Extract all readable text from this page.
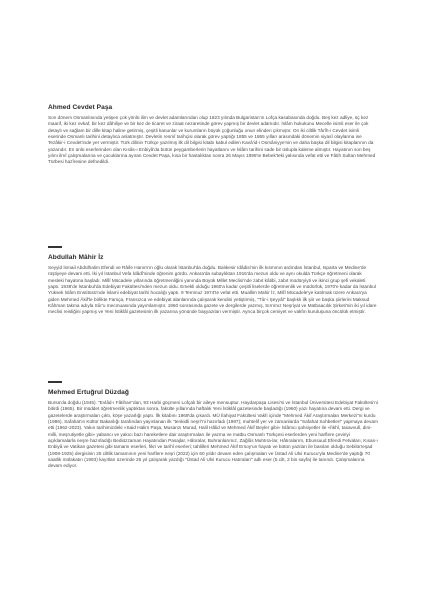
Ahmed Cevdet Paşa

Son dönem Osmanlısında yetişen çok yönlü ilim ve devlet adamlarından olup 1823 yılında Bulgaristan'ın Lofça kasabasında doğdu. Beş kez adliye, üç kez maarif, iki kez evkaf, bir kez dâhiliye ve bir kez de ticaret ve ziraat nezaretinde görev yapmış bir devlet adamıdır. İslâm hukukunu Mecelle isimli eser ile çok detaylı ve sağlam bir dille kitap haline getirmiş, çeşitli kanunlar ve kurumların büyük çoğunluğu onun elinden çıkmıştır. On iki ciltlik Târîh-i Cevdet isimli eserinde Osmanlı tarihini detaylıca anlatmıştır. Devletin resmî tarihçisi olarak görev yaptığı 1855 ve 1865 yılları arasındaki dönemin siyasî olaylarına ise Tezâkir-i Cevdet'inde yer vermiştir. Türk dilinin Türkçe yazılmış ilk dil bilgisi kitabı kabul edilen Kavâ'id-i Osmâniyye'nin ve daha başka dil bilgisi kitaplarının da yazarıdır. En ünlü eserlerinden olan Kısâs-ı Enbiyâ'da bütün peygamberlerin hayatlarını ve İslâm tarihini sade bir üslupla kaleme almıştır. Hayatının son beş yılını ilmî çalışmalarına ve çocuklarına ayıran Cevdet Paşa, kısa bir hastalıktan sonra 26 Mayıs 1895'te Bebek'teki yalısında vefat etti ve Fâtih Sultan Mehmed Türbesi hazîresine defnedildi.

Abdullah Mâhir İz

Seyyid İsmail Abdülhalim Efendi ve Râife Hanım'ın oğlu olarak İstanbul'da doğdu. Balıkesir Idâdisi'nin ilk kısmının ardından İstanbul, Isparta ve Medine'de rüştiyeye devam etti. İki yıl İstanbul Vefa İdâdî'sinde öğrenim gördü. Ankara'da subaylıktan 1916'da mezun oldu ve aynı okulda Türkçe öğretmeni olarak mesleki hayatına başladı. Millî Mücadele yıllarında öğretmenliğini yanında Büyük Millet Meclisi'nde zabıt kâtibi, zabıt müdüryiyti ve ikinci grup şefi vekaleti yaptı. 1938'de İstanbul'da Edebiyat Fakültesi'nden mezun oldu. Emekli olduğu 1960'a kadar çeşitli liselerde öğretmenlik ve müdürlük, 1970'e kadar da İstanbul Yüksek İslâm Enstitüsü'nde İslami edebiyat tarihi hocalığı yaptı. 9 Temmuz 1974'te vefat etti. Muallim Mahir İz, Millî Mücadele'ye katılmak üzere Ankara'ya giden Mehmed Âkif'le birlikte Farsça, Fransızca ve edebiyat alanlarında çalışarak kendini yetiştirmiş, "Tûr-i Şeyyâl" başlıklı ilk şiir ve başka şiirlerini Maksud Kâhman takma adıyla Sûr'u mecmuasında yayımlamıştır. 1960 sonrasında gazete ve dergilerde yazmış, Sırrımız Neşriyat ve Matbaacılık Şirketi'nin iki yıl idare meclisi reisliğini yapmış ve Yeni İstiklâl gazetesinin ilk yazarına yönünde başyazıları vermiştir. Ayrıca birçok cemiyet ve vakfın kuruluşuna öncülük etmiştir.

Mehmed Ertuğrul Düzdağ

Bursa'da doğdu (1945). "Evlâd-ı Fâtihan"dan, 93 Harbi göçmeni Lofçalı bir aileye mensuptur. Haydarpaşa Lisesi'ni ve İstanbul Üniversitesi Edebiyat Fakültesi'ni bitirdi (1965). Bir müddet öğretmenlik yaptıktan sonra, fakülte yıllarında haftalık Yeni İstiklâl gazetesinde başladığı (1960) yazı hayatına devam etti. Dergi ve gazetelerde araştırmaları çıktı, köşe yazarlığı yaptı. İlk kitabını 1969'da çıkardı. MÜ İlahiyat Fakültesi Vakfı içinde "Mehmed Âkif Araştırmaları Merkezi"ni kurdu (1986), Safahat'ın Kültür Bakanlığı tarafından yayınlanan ilk "tenkidli neşri"ni hazırladı (1987); muhtelif yer ve zamanlarda "Safahat Sohbetleri" yapmaya devam etti (1962-2023). Yakın tarihimizdeki «Said Halim Paşa, Musanzı Murad, Halil Hâlid ve Mehmed Âkif Beyler gibi» İslâmcı şahsiyetler ile «fıkhî, tasavvufi, dini-milli, meşrutiyetle gibi» yabancı ve yakıcı bazı hareketlere dair araştırmaları ile yazma ve matbu Osmanlı Türkçesi eserlerden yeni harflere çeviriyi açıklamalarla neşre hazırladığı Bediüzzaman Hayatından Pasajlar, Hâtıralar, Buhranlarımız, Zağlûs Muhtıra-lar, Hâtıralarım, Ebussuud Efendi Fetvaları, Kısas-ı Enbiyâ ve Vatikan gazetesi gibi tamamı eserleri, fikri ve tarihî eserleri; tahlilleri Mehmed Âkif Ersoy'un hayatı ve bütün yazıları ile basılan olduğu Sebilürreşad (1908-1925) dergisinin 25 ciltlik tamamının yeni harflere neşri (2022) için 60 yıldır devam eden çalışmaları ve Üstad Ali Ulvi Kurucu'yla Medine'de yaptığı 70 saatlik mülakatın (1993) kayıtları üzerinde 26 yıl çalışarak yazdığı "Üstad Ali Ulvi Kurucu Hatıraları" adlı eser (5 cilt, 2 bin sayfa) ile tanındı. Çalışmalarına devam ediyor.
